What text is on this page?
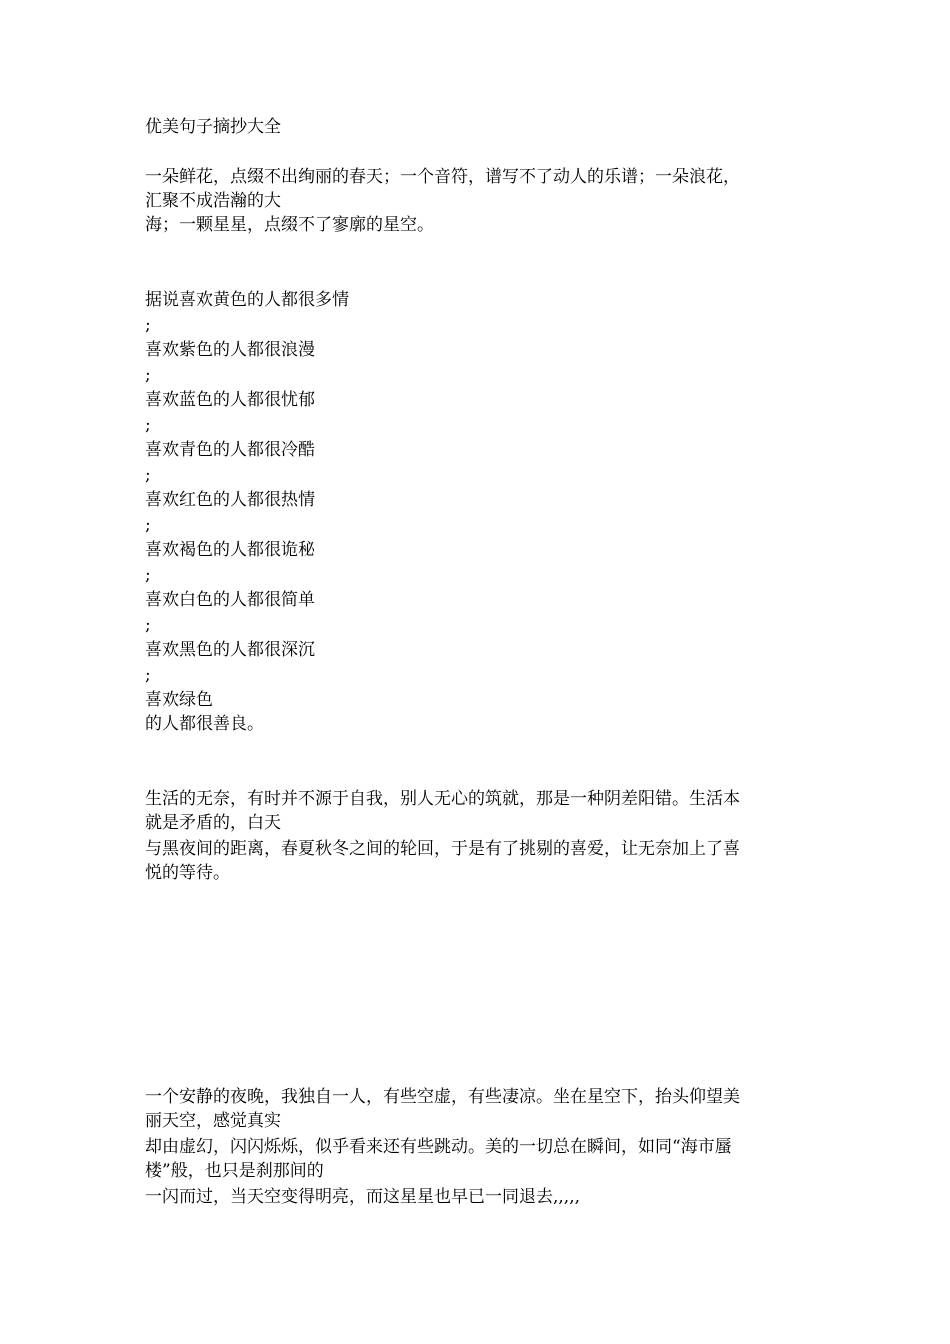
优美句子摘抄大全
一朵鲜花，点缀不出绚丽的春天；一个音符，谱写不了动人的乐谱；一朵浪花，
汇聚不成浩瀚的大
海；一颗星星，点缀不了寥廓的星空。
据说喜欢黄色的人都很多情
;
喜欢紫色的人都很浪漫
;
喜欢蓝色的人都很忧郁
;
喜欢青色的人都很冷酷
;
喜欢红色的人都很热情
;
喜欢褐色的人都很诡秘
;
喜欢白色的人都很简单
;
喜欢黑色的人都很深沉
;
喜欢绿色
的人都很善良。
生活的无奈，有时并不源于自我，别人无心的筑就，那是一种阴差阳错。生活本
就是矛盾的，白天
与黑夜间的距离，春夏秋冬之间的轮回，于是有了挑剔的喜爱，让无奈加上了喜
悦的等待。
一个安静的夜晚，我独自一人，有些空虚，有些凄凉。坐在星空下，抬头仰望美
丽天空，感觉真实
却由虚幻，闪闪烁烁，似乎看来还有些跳动。美的一切总在瞬间，如同“海市蜃
楼”般，也只是刹那间的
一闪而过，当天空变得明亮，而这星星也早已一同退去,,,,,
